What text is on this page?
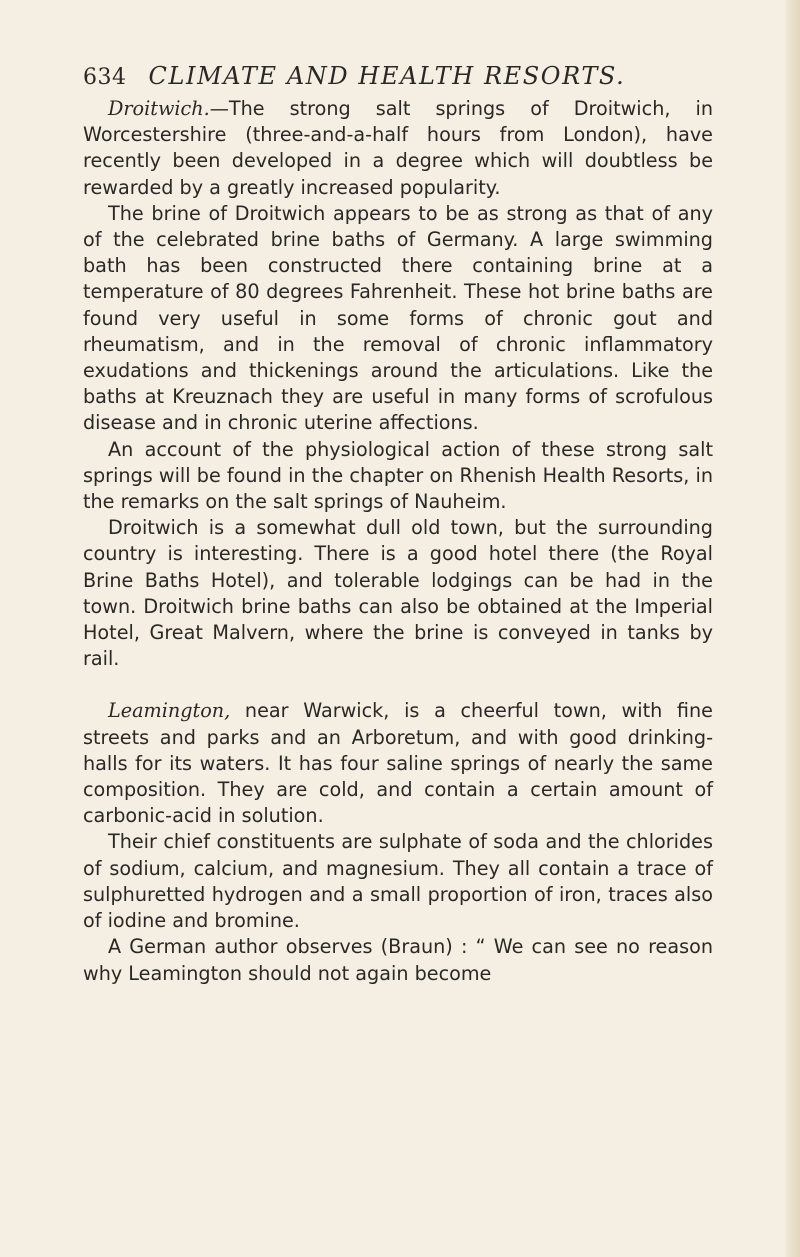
634 CLIMATE AND HEALTH RESORTS.

Droitwich.—The strong salt springs of Droitwich, in Worcestershire (three-and-a-half hours from London), have recently been developed in a degree which will doubtless be rewarded by a greatly increased popularity.

The brine of Droitwich appears to be as strong as that of any of the celebrated brine baths of Germany. A large swimming bath has been constructed there containing brine at a temperature of 80 degrees Fahrenheit. These hot brine baths are found very useful in some forms of chronic gout and rheumatism, and in the removal of chronic inflammatory exudations and thickenings around the articulations. Like the baths at Kreuznach they are useful in many forms of scrofulous disease and in chronic uterine affections.

An account of the physiological action of these strong salt springs will be found in the chapter on Rhenish Health Resorts, in the remarks on the salt springs of Nauheim.

Droitwich is a somewhat dull old town, but the surrounding country is interesting. There is a good hotel there (the Royal Brine Baths Hotel), and tolerable lodgings can be had in the town. Droitwich brine baths can also be obtained at the Imperial Hotel, Great Malvern, where the brine is conveyed in tanks by rail.

Leamington, near Warwick, is a cheerful town, with fine streets and parks and an Arboretum, and with good drinking-halls for its waters. It has four saline springs of nearly the same composition. They are cold, and contain a certain amount of carbonic-acid in solution.

Their chief constituents are sulphate of soda and the chlorides of sodium, calcium, and magnesium. They all contain a trace of sulphuretted hydrogen and a small proportion of iron, traces also of iodine and bromine.

A German author observes (Braun) : “ We can see no reason why Leamington should not again become
